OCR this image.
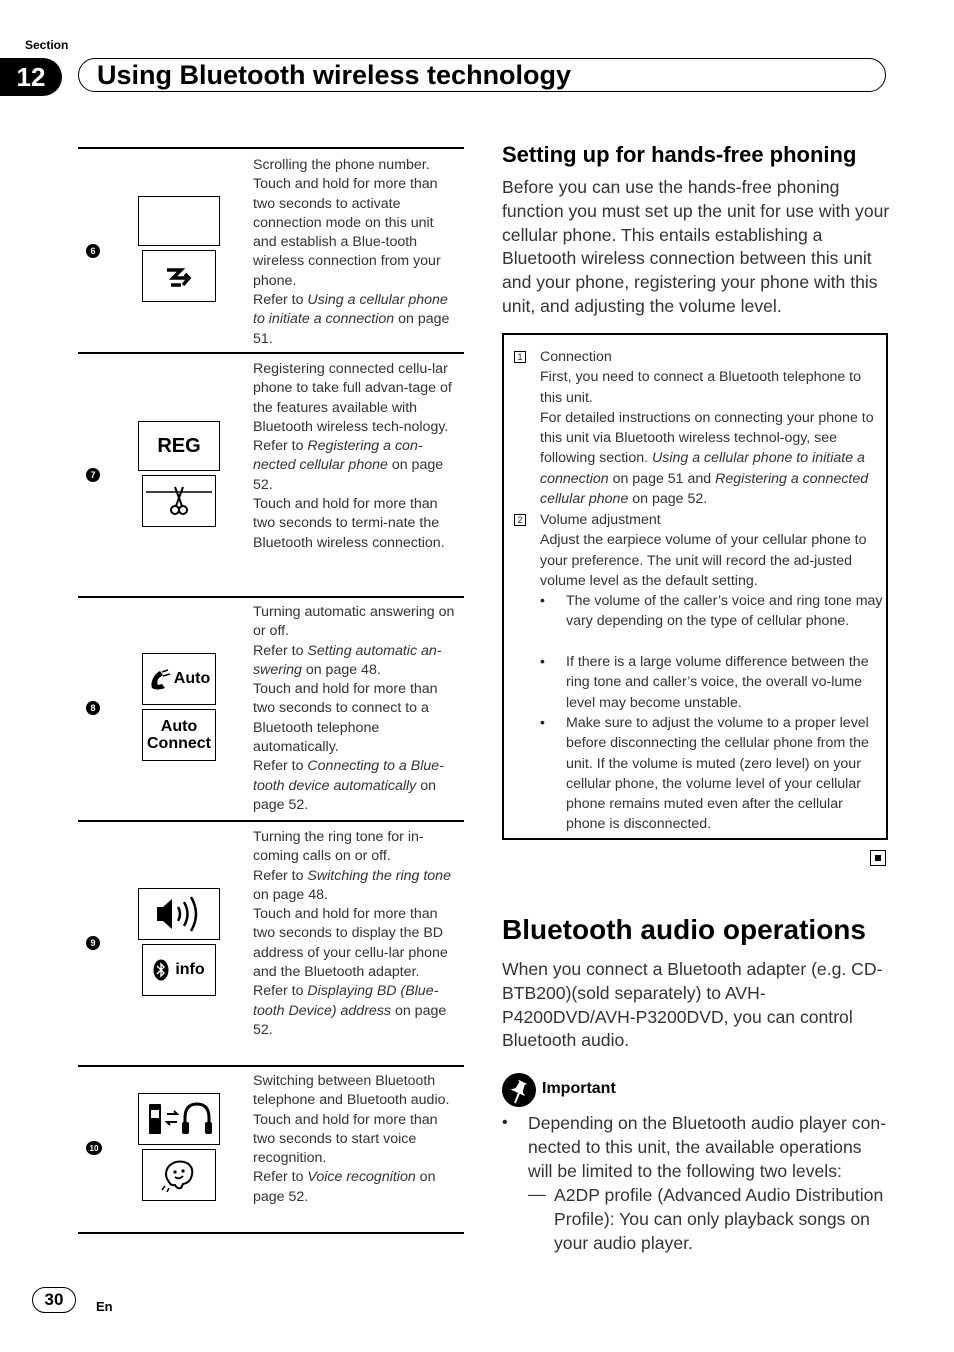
Section
12	Using Bluetooth wireless technology
6
Scrolling the phone number.
Touch and hold for more than two seconds to activate connection mode on this unit and establish a Blue-tooth wireless connection from your phone.
Refer to Using a cellular phone to initiate a connection on page 51.
7
REG
Registering connected cellu-lar phone to take full advan-tage of the features available with Bluetooth wireless tech-nology.
Refer to Registering a con-nected cellular phone on page 52.
Touch and hold for more than two seconds to termi-nate the Bluetooth wireless connection.
8
Auto
Auto
Connect
Turning automatic answering on or off.
Refer to Setting automatic an-swering on page 48.
Touch and hold for more than two seconds to connect to a Bluetooth telephone automatically.
Refer to Connecting to a Blue-tooth device automatically on page 52.
9
info
Turning the ring tone for in-coming calls on or off.
Refer to Switching the ring tone on page 48.
Touch and hold for more than two seconds to display the BD address of your cellu-lar phone and the Bluetooth adapter.
Refer to Displaying BD (Blue-tooth Device) address on page 52.
10
Switching between Bluetooth telephone and Bluetooth audio.
Touch and hold for more than two seconds to start voice recognition.
Refer to Voice recognition on page 52.
Setting up for hands-free phoning
Before you can use the hands-free phoning function you must set up the unit for use with your cellular phone. This entails establishing a Bluetooth wireless connection between this unit and your phone, registering your phone with this unit, and adjusting the volume level.
1 Connection
First, you need to connect a Bluetooth telephone to this unit.
For detailed instructions on connecting your phone to this unit via Bluetooth wireless technol-ogy, see following section. Using a cellular phone to initiate a connection on page 51 and Registering a connected cellular phone on page 52.
2 Volume adjustment
Adjust the earpiece volume of your cellular phone to your preference. The unit will record the ad-justed volume level as the default setting.
• The volume of the caller’s voice and ring tone may vary depending on the type of cellular phone.
• If there is a large volume difference between the ring tone and caller’s voice, the overall vo-lume level may become unstable.
• Make sure to adjust the volume to a proper level before disconnecting the cellular phone from the unit. If the volume is muted (zero level) on your cellular phone, the volume level of your cellular phone remains muted even after the cellular phone is disconnected.
Bluetooth audio operations
When you connect a Bluetooth adapter (e.g. CD-BTB200)(sold separately) to AVH-P4200DVD/AVH-P3200DVD, you can control Bluetooth audio.
Important
• Depending on the Bluetooth audio player con-nected to this unit, the available operations will be limited to the following two levels:
— A2DP profile (Advanced Audio Distribution Profile): You can only playback songs on your audio player.
30	En
